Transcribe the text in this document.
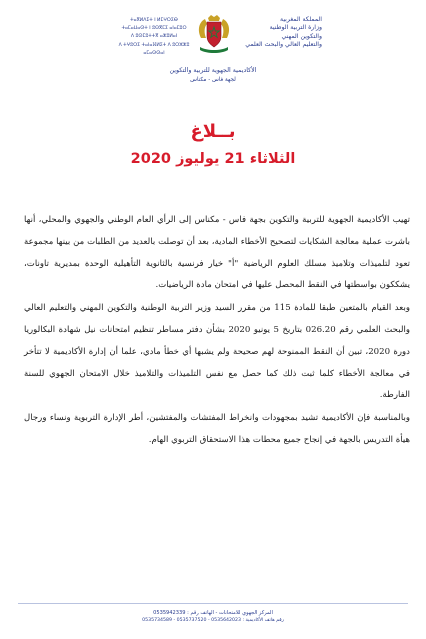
ⵜⴰⴳⵍⴷⵉⵜ ⵏ ⵍⵎⵖⵔⵉⴱ
ⵜⴰⵎⴰⵡⴰⵙⵜ ⵏ ⵓⵙⴳⵎⵉ ⴰⵏⴰⵎⵓⵔ
ⴷ ⵓⵙⵎⵓⵜⵜⴳ ⴰⵣⵓⵍⴰⵏ
ⴷ ⵜⵖⵓⵔⵉ ⵜⴰⵏⴰⴼⵍⵉⵜ ⴷ ⵓⵔⵣⵣⵓ ⴰⵎⴰⵙⵙⴰⵏ
المملكة المغربية
وزارة التربية الوطنية
والتكوين المهني
والتعليم العالي والبحث العلمي
الأكاديمية الجهوية للتربية والتكوين
لجهة فاس - مكناس
بــلاغ
الثلاثاء 21 يوليوز 2020

تهيب الأكاديمية الجهوية للتربية والتكوين بجهة فاس - مكناس إلى الرأي العام الوطني والجهوي والمحلي، أنها باشرت عملية معالجة الشكايات لتصحيح الأخطاء المادية، بعد أن توصلت بالعديد من الطلبات من بينها مجموعة تعود لتلميذات وتلاميذ مسلك العلوم الرياضية "أ" خيار فرنسية بالثانوية التأهيلية الوحدة بمديرية تاونات، يشككون بواسطتها في النقط المحصل عليها في امتحان مادة الرياضيات.

وبعد القيام بالمتعين طبقا للمادة 115 من مقرر السيد وزير التربية الوطنية والتكوين المهني والتعليم العالي والبحث العلمي رقم 026.20 بتاريخ 5 يونيو 2020 بشأن دفتر مساطر تنظيم امتحانات نيل شهادة البكالوريا دورة 2020، تبين أن النقط الممنوحة لهم صحيحة ولم يشبها أي خطأ مادي، علما أن إدارة الأكاديمية لا تتأخر في معالجة الأخطاء كلما ثبت ذلك كما حصل مع نفس التلميذات والتلاميذ خلال الامتحان الجهوي للسنة الفارطة.

وبالمناسبة فإن الأكاديمية تشيد بمجهودات وانخراط المفتشات والمفتشين، أطر الإدارة التربوية ونساء ورجال هيأة التدريس بالجهة في إنجاح جميع محطات هذا الاستحقاق التربوي الهام.

المركز الجهوي للامتحانات - الهاتف رقم : 0535942339
رقم هاتف الأكاديمية : 0535642023 - 0535737520 - 0535734589
